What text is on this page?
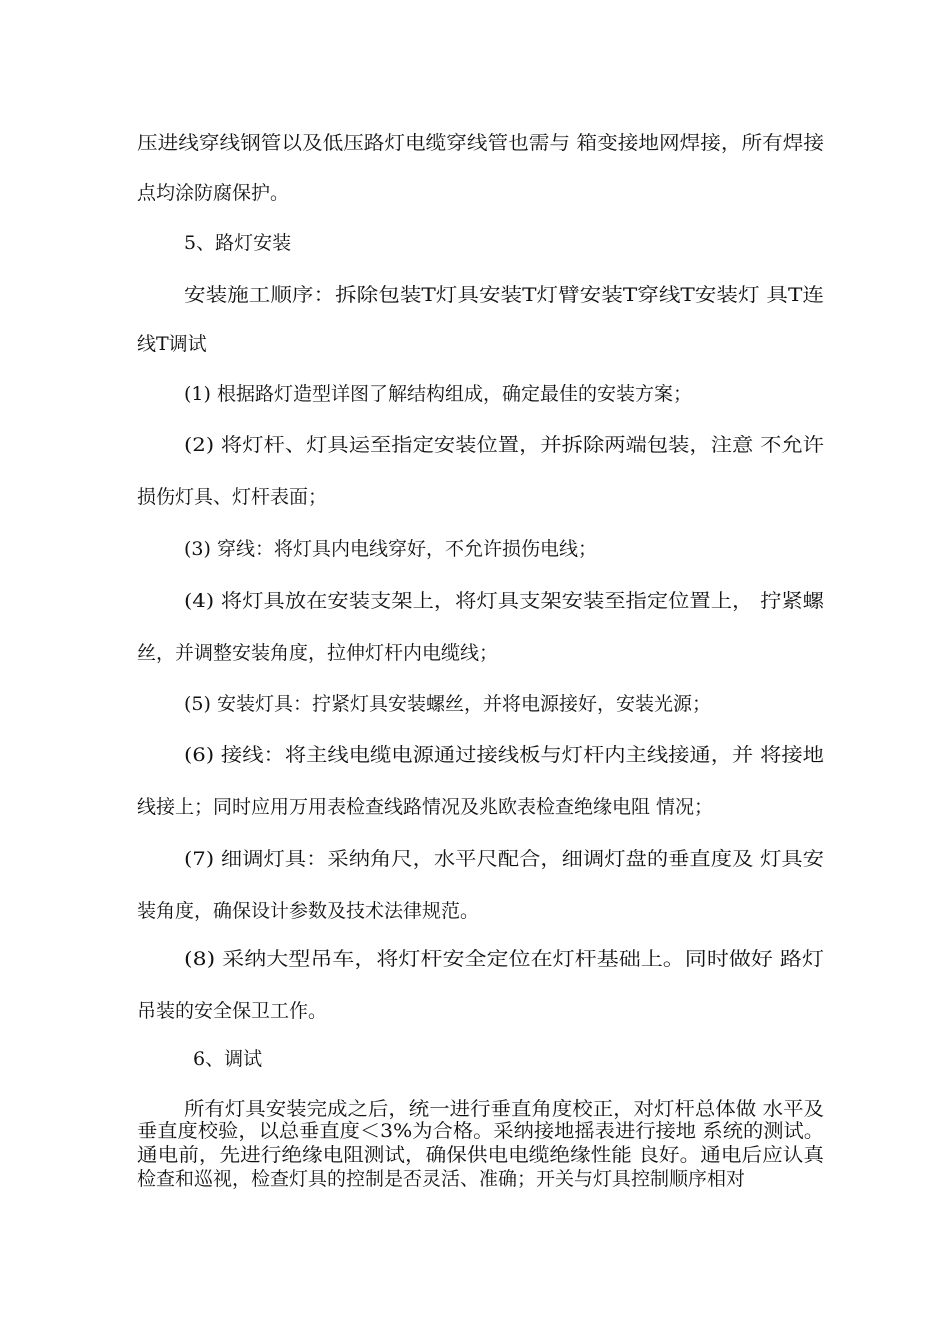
压进线穿线钢管以及低压路灯电缆穿线管也需与 箱变接地网焊接，所有焊接
点均涂防腐保护。
5、路灯安装
安装施工顺序：拆除包装T灯具安装T灯臂安装T穿线T安装灯 具T连
线T调试
(1) 根据路灯造型详图了解结构组成，确定最佳的安装方案；
(2) 将灯杆、灯具运至指定安装位置，并拆除两端包装，注意 不允许
损伤灯具、灯杆表面；
(3) 穿线：将灯具内电线穿好，不允许损伤电线；
(4) 将灯具放在安装支架上，将灯具支架安装至指定位置上， 拧紧螺
丝，并调整安装角度，拉伸灯杆内电缆线；
(5) 安装灯具：拧紧灯具安装螺丝，并将电源接好，安装光源；
(6) 接线：将主线电缆电源通过接线板与灯杆内主线接通，并 将接地
线接上；同时应用万用表检查线路情况及兆欧表检查绝缘电阻 情况；
(7) 细调灯具：采纳角尺，水平尺配合，细调灯盘的垂直度及 灯具安
装角度，确保设计参数及技术法律规范。
(8) 采纳大型吊车，将灯杆安全定位在灯杆基础上。同时做好 路灯
吊装的安全保卫工作。
6、调试
所有灯具安装完成之后，统一进行垂直角度校正，对灯杆总体做 水平及
垂直度校验，以总垂直度＜3%为合格。采纳接地摇表进行接地 系统的测试。
通电前，先进行绝缘电阻测试，确保供电电缆绝缘性能 良好。通电后应认真
检查和巡视，检查灯具的控制是否灵活、准确；开关与灯具控制顺序相对
